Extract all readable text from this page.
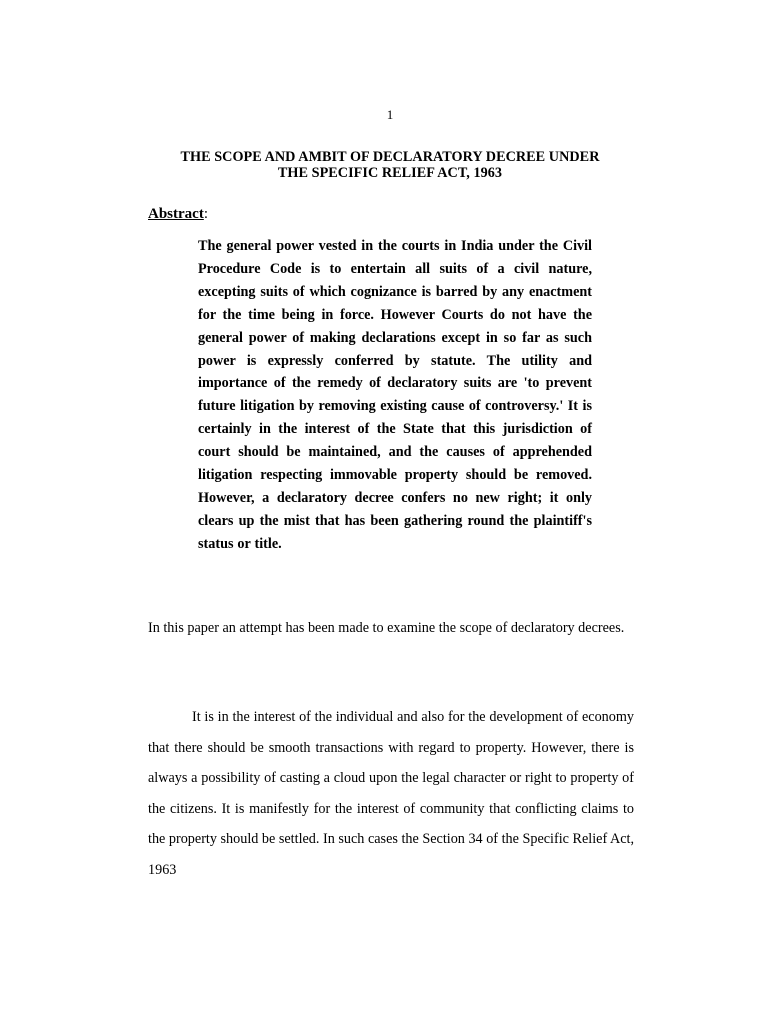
1
THE SCOPE AND AMBIT OF DECLARATORY DECREE UNDER
THE SPECIFIC RELIEF ACT, 1963
Abstract:

The general power vested in the courts in India under the Civil Procedure Code is to entertain all suits of a civil nature, excepting suits of which cognizance is barred by any enactment for the time being in force. However Courts do not have the general power of making declarations except in so far as such power is expressly conferred by statute. The utility and importance of the remedy of declaratory suits are 'to prevent future litigation by removing existing cause of controversy.' It is certainly in the interest of the State that this jurisdiction of court should be maintained, and the causes of apprehended litigation respecting immovable property should be removed. However, a declaratory decree confers no new right; it only clears up the mist that has been gathering round the plaintiff's status or title.

In this paper an attempt has been made to examine the scope of declaratory decrees.

It is in the interest of the individual and also for the development of economy that there should be smooth transactions with regard to property. However, there is always a possibility of casting a cloud upon the legal character or right to property of the citizens. It is manifestly for the interest of community that conflicting claims to the property should be settled. In such cases the Section 34 of the Specific Relief Act, 1963
